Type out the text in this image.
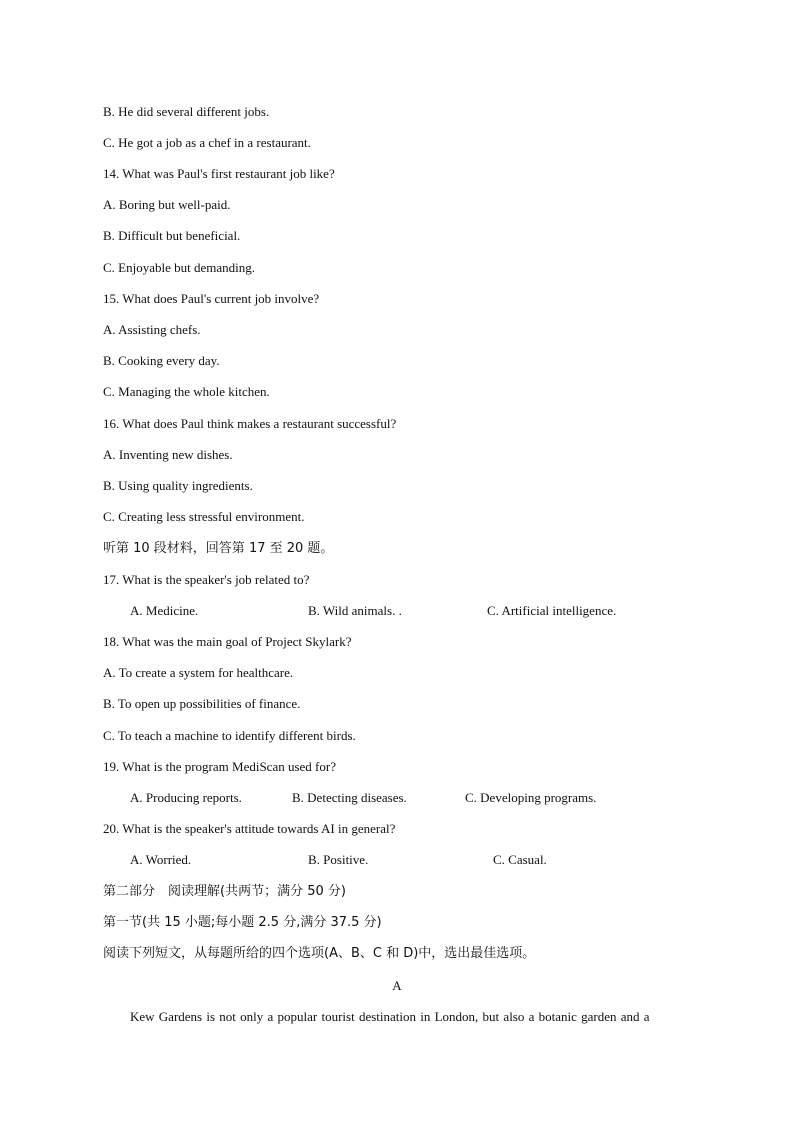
B. He did several different jobs.
C. He got a job as a chef in a restaurant.
14. What was Paul's first restaurant job like?
A. Boring but well-paid.
B. Difficult but beneficial.
C. Enjoyable but demanding.
15. What does Paul's current job involve?
A. Assisting chefs.
B. Cooking every day.
C. Managing the whole kitchen.
16. What does Paul think makes a restaurant successful?
A. Inventing new dishes.
B. Using quality ingredients.
C. Creating less stressful environment.
听第 10 段材料，回答第 17 至 20 题。
17. What is the speaker's job related to?
A. Medicine.	B. Wild animals. .	C. Artificial intelligence.
18. What was the main goal of Project Skylark?
A. To create a system for healthcare.
B. To open up possibilities of finance.
C. To teach a machine to identify different birds.
19. What is the program MediScan used for?
A. Producing reports.	B. Detecting diseases.	C. Developing programs.
20. What is the speaker's attitude towards AI in general?
A. Worried.	B. Positive.	C. Casual.
第二部分　阅读理解(共两节；满分 50 分)
第一节(共 15 小题;每小题 2.5 分,满分 37.5 分)
阅读下列短文，从每题所给的四个选项(A、B、C 和 D)中，选出最佳选项。
A
Kew Gardens is not only a popular tourist destination in London, but also a botanic garden and a
